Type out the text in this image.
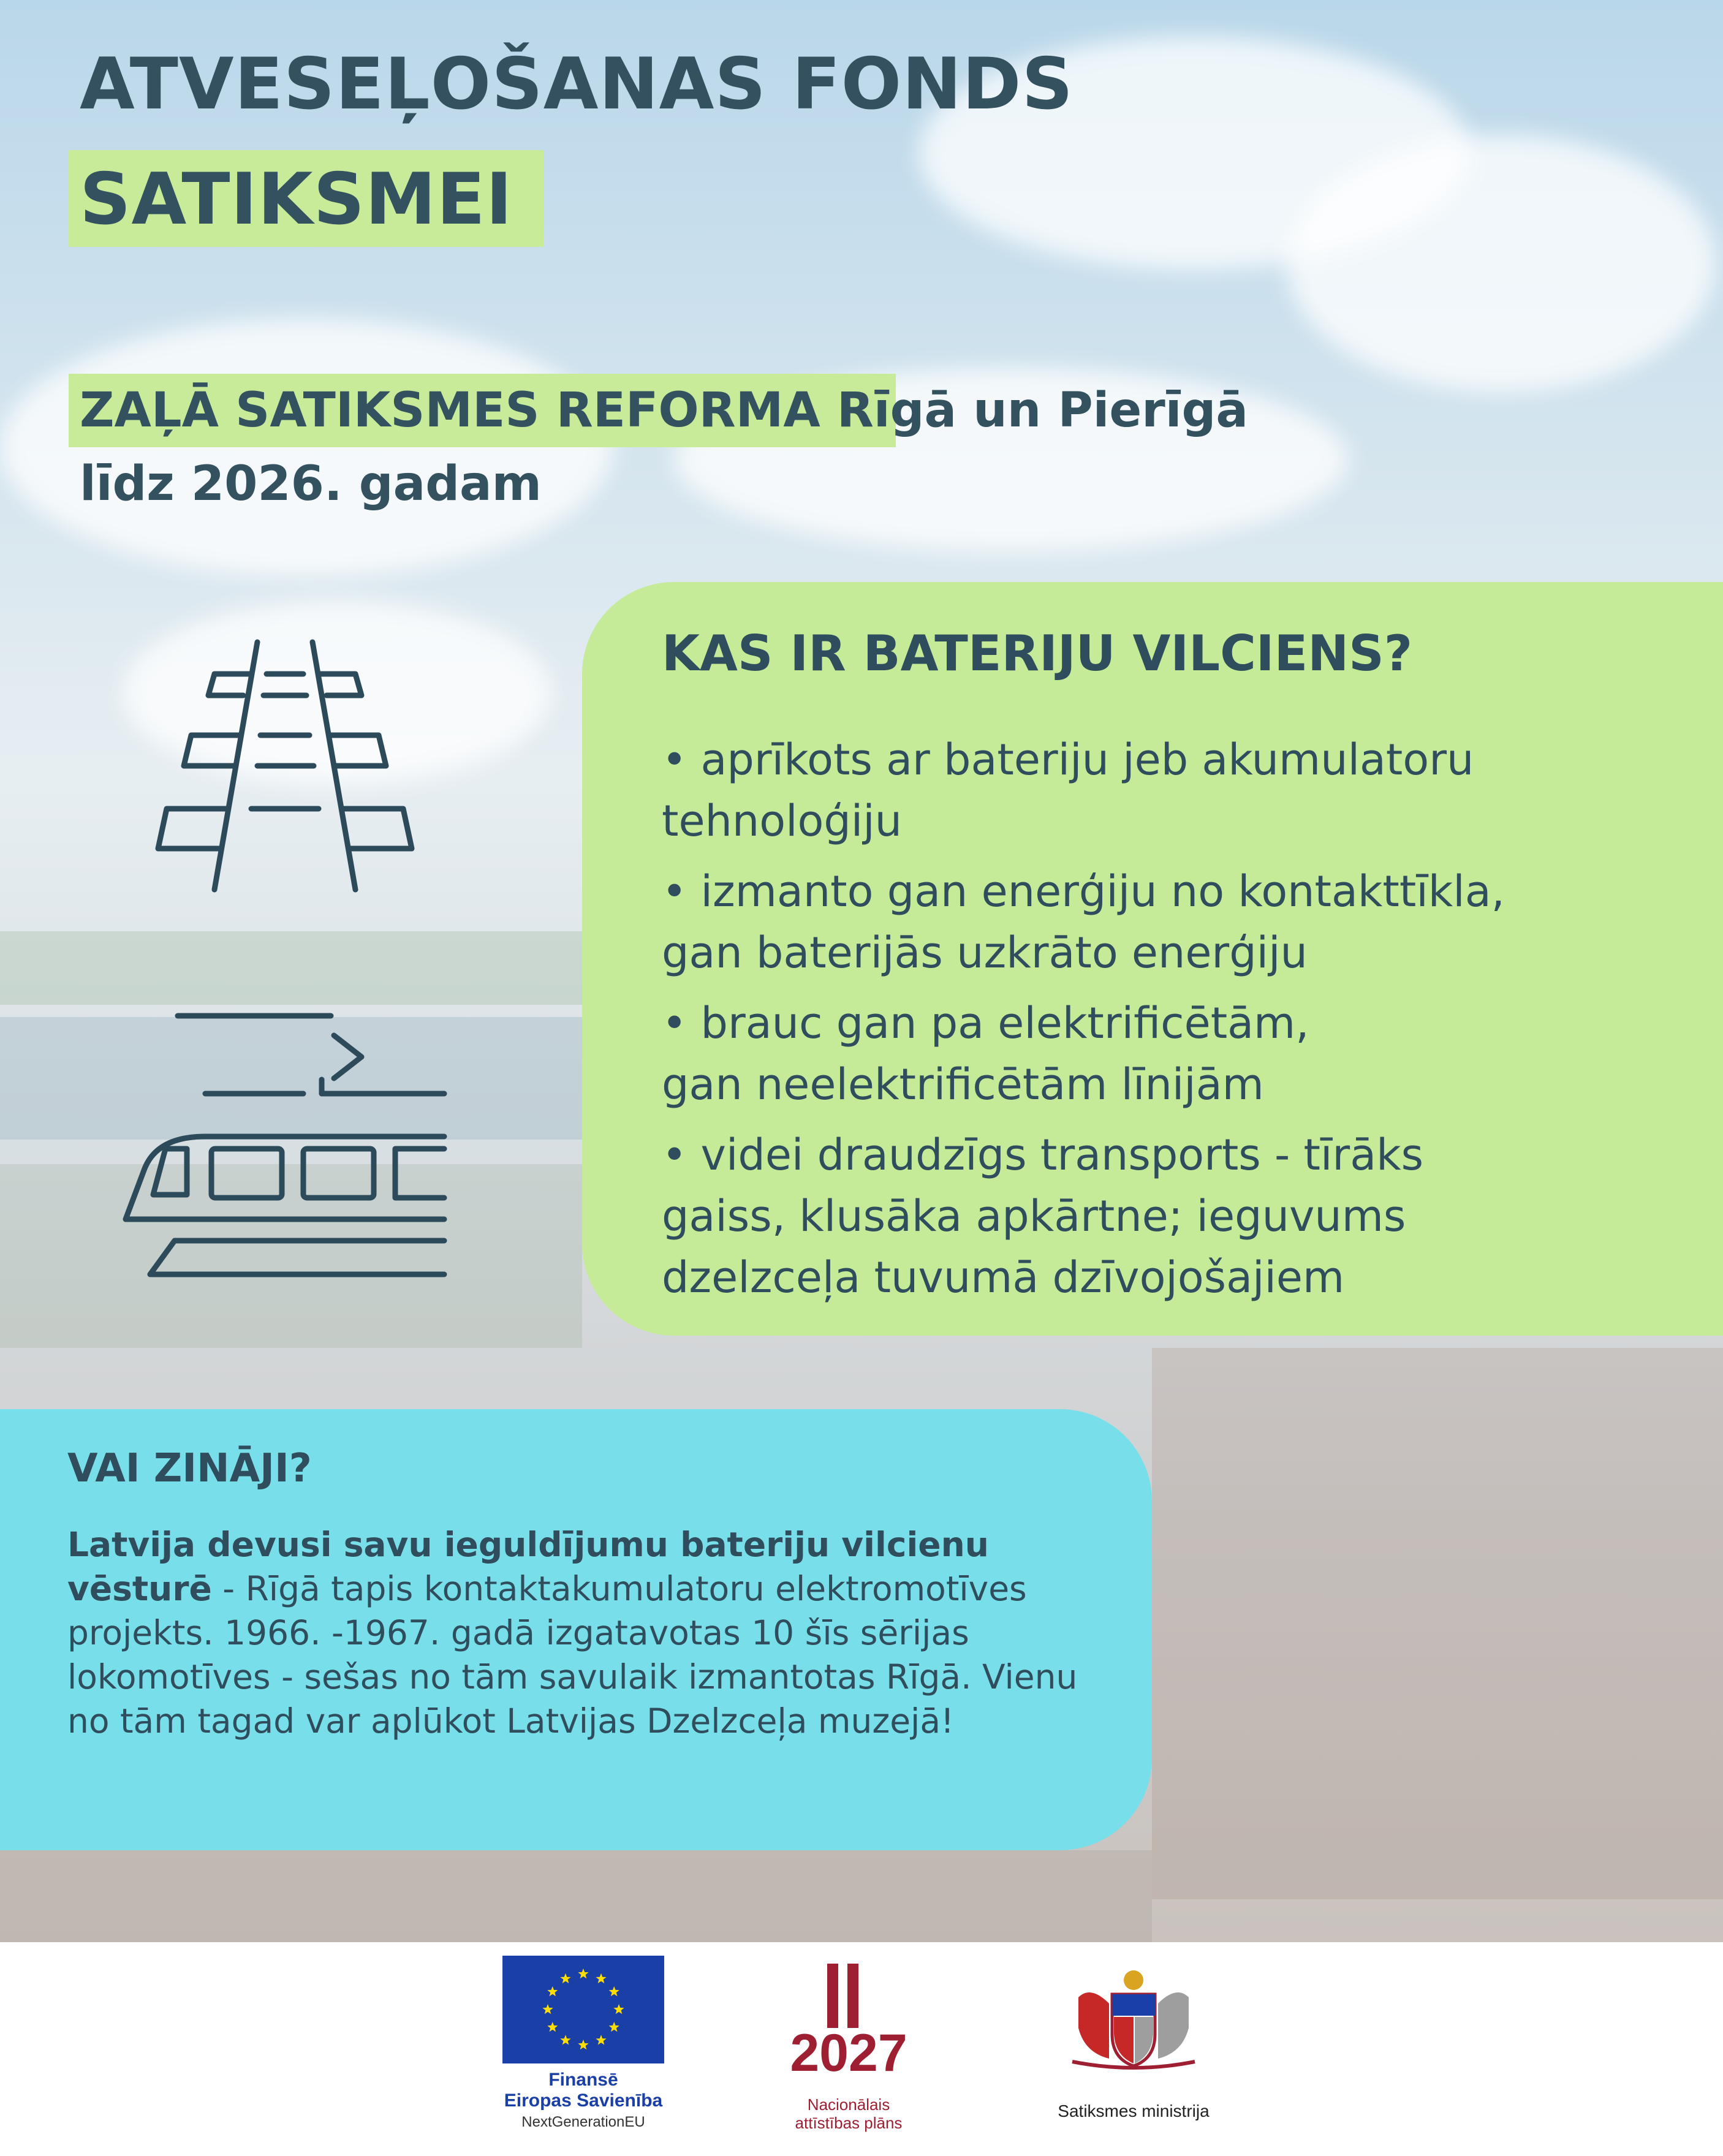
ATVESEĻOŠANAS FONDS
SATIKSMEI
ZAĻĀ SATIKSMES REFORMA Rīgā un Pierīgā
līdz 2026. gadam
KAS IR BATERIJU VILCIENS?
• aprīkots ar bateriju jeb akumulatoru
tehnoloģiju
• izmanto gan enerģiju no kontakttīkla,
gan baterijās uzkrāto enerģiju
• brauc gan pa elektrificētām,
gan neelektrificētām līnijām
• videi draudzīgs transports - tīrāks
gaiss, klusāka apkārtne; ieguvums
dzelzceļa tuvumā dzīvojošajiem
VAI ZINĀJI?
Latvija devusi savu ieguldījumu bateriju vilcienu vēsturē - Rīgā tapis kontaktakumulatoru elektromotīves projekts. 1966. -1967. gadā izgatavotas 10 šīs sērijas lokomotīves - sešas no tām savulaik izmantotas Rīgā. Vienu no tām tagad var aplūkot Latvijas Dzelzceļa muzejā!
Finansē
Eiropas Savienība
NextGenerationEU
2027
Nacionālais
attīstības plāns
Satiksmes ministrija
